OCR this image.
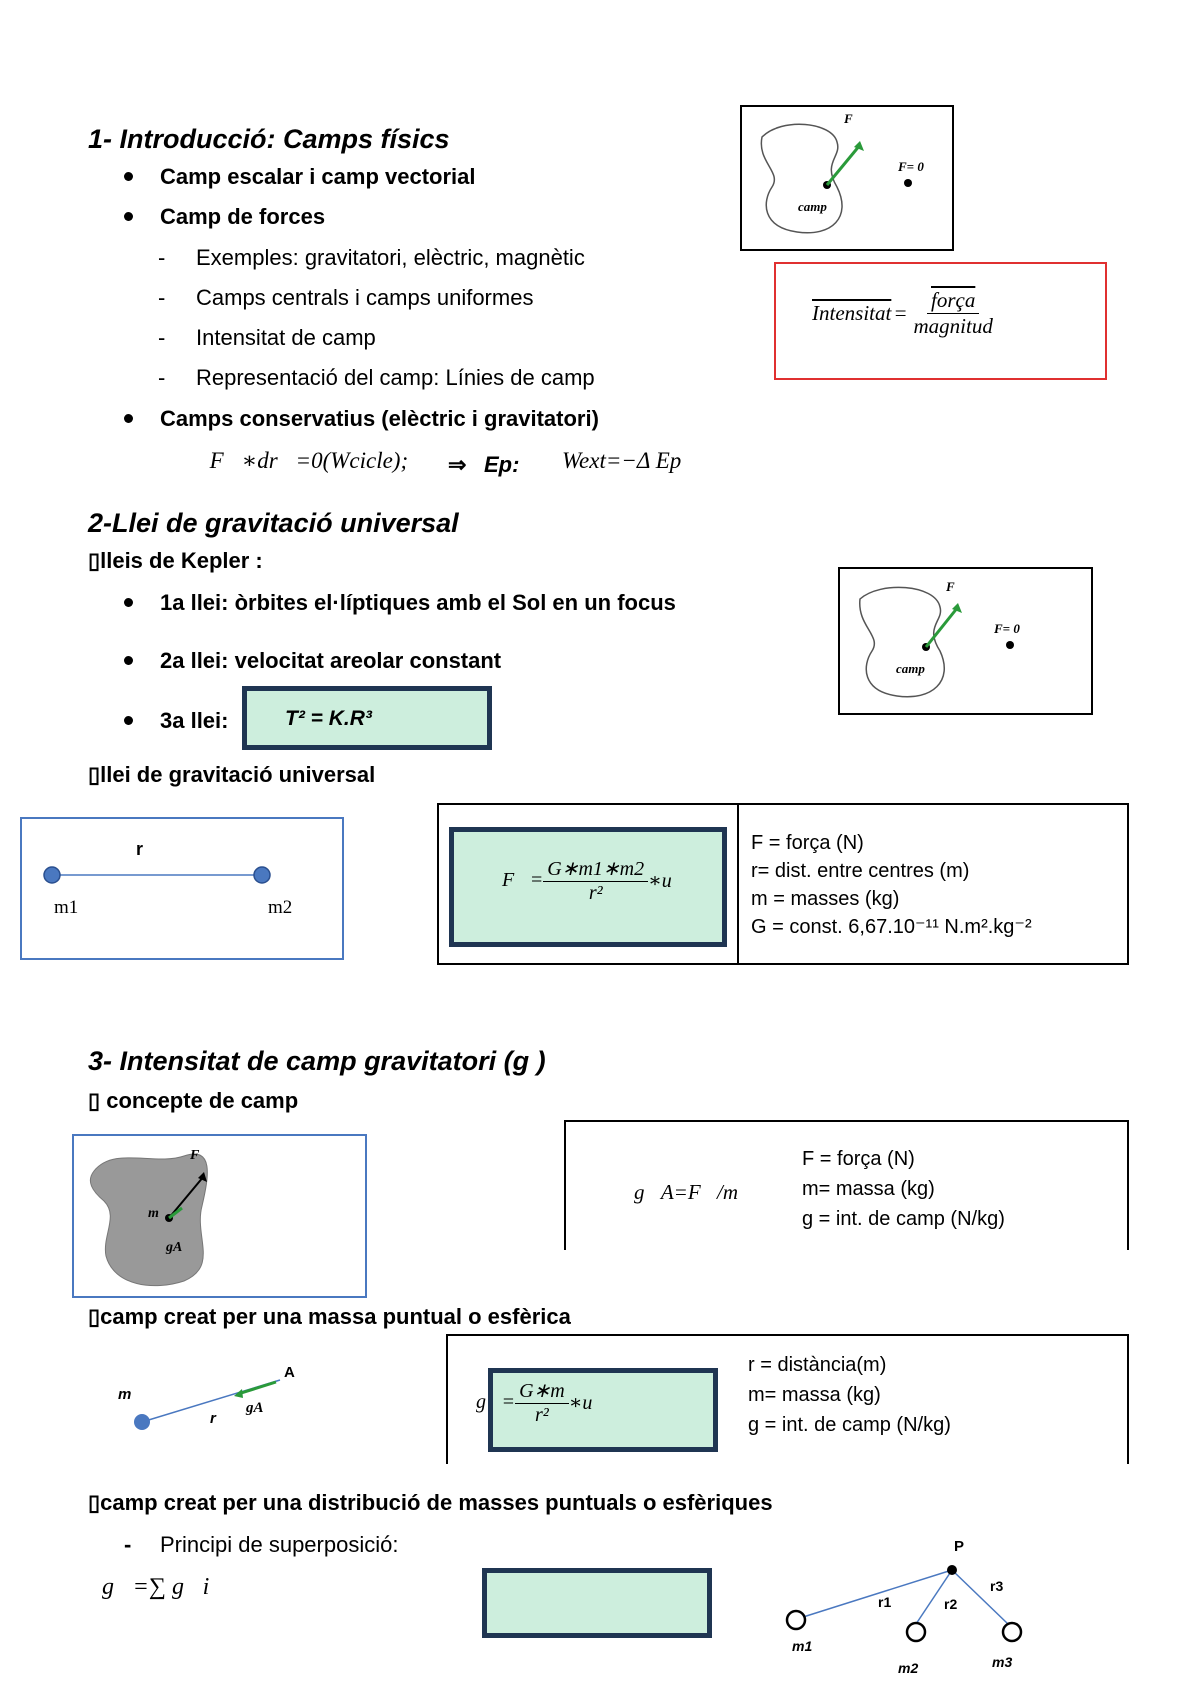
1- Introducció: Camps físics
Camp escalar i camp vectorial
Camp de forces
- Exemples: gravitatori, elèctric, magnètic
- Camps centrals i camps uniformes
- Intensitat de camp
- Representació del camp: Línies de camp
Camps conservatius (elèctric i gravitatori)
∮ F⃗∗dr⃗=0(Wcicle); ⇒ Ep: Wext=−Δ Ep
F
F= 0
camp
Intensitat = $\frac{\text{força}}{\text{magnitud}}$
2-Llei de gravitació universal
▯lleis de Kepler :
1a llei: òrbites el·líptiques amb el Sol en un focus
2a llei: velocitat areolar constant
3a llei:	T² = K.R³
F
F= 0
camp
▯llei de gravitació universal
r
m1	m2
F⃗= $\frac{G∗m1∗m2}{\text{r²}}$ ∗u⃗
F = força (N)
r= dist. entre centres (m)
m = masses (kg)
G = const. 6,67.10⁻¹¹ N.m².kg⁻²
3- Intensitat de camp gravitatori (g )
▯ concepte de camp
F
m
gA
g⃗A=F⃗/m
F = força (N)
m= massa (kg)
g = int. de camp (N/kg)
▯camp creat per una massa puntual o esfèrica
m
r
A
gA	g⃗= $\frac{G∗m}{\text{r²}}$ ∗u⃗
r = distància(m)
m= massa (kg)
g = int. de camp (N/kg)
▯camp creat per una distribució de masses puntuals o esfèriques
- Principi de superposició:
g⃗=∑ g⃗i
P
r1	r2
r3
m1
m2	m3
